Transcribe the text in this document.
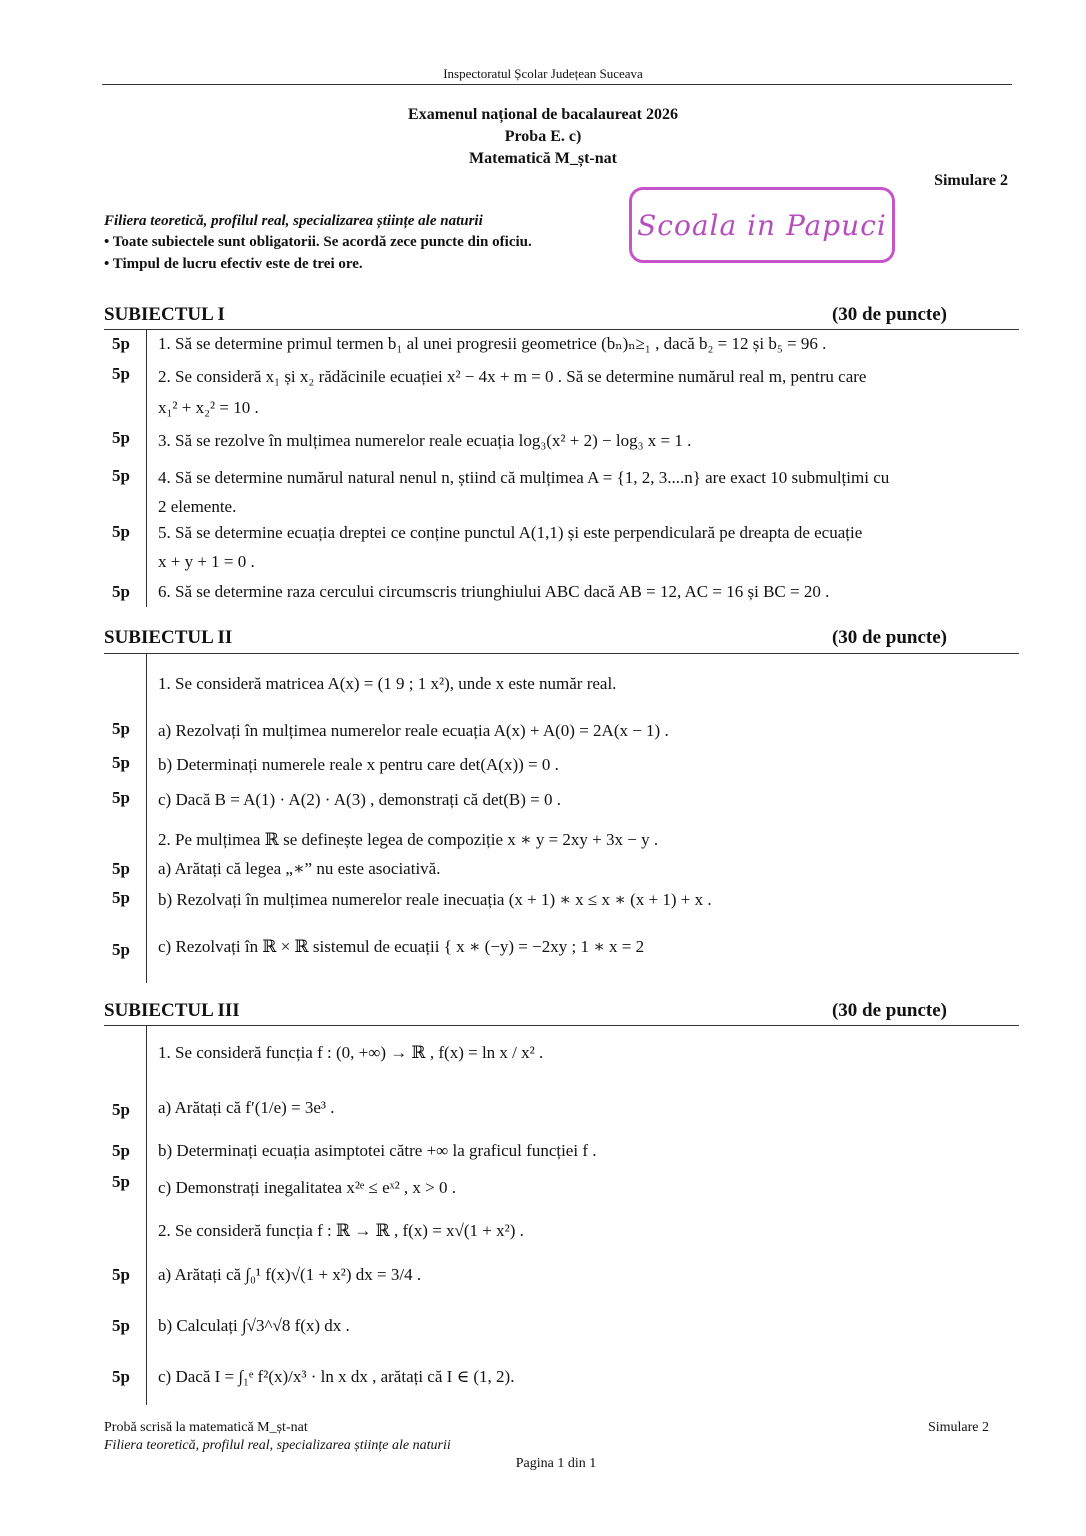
Inspectoratul Școlar Județean Suceava
Examenul național de bacalaureat 2026
Proba E. c)
Matematică M_șt-nat
Simulare 2
Filiera teoretică, profilul real, specializarea științe ale naturii
• Toate subiectele sunt obligatorii. Se acordă zece puncte din oficiu.
• Timpul de lucru efectiv este de trei ore.
Scoala in Papuci
SUBIECTUL I	(30 de puncte)
5p 1. Să se determine primul termen b₁ al unei progresii geometrice (bₙ)ₙ≥₁ , dacă b₂ = 12 și b₅ = 96 .
5p 2. Se consideră x₁ și x₂ rădăcinile ecuației x² − 4x + m = 0 . Să se determine numărul real m, pentru care
x₁² + x₂² = 10 .
5p 3. Să se rezolve în mulțimea numerelor reale ecuația log₃(x² + 2) − log₃ x = 1 .
5p 4. Să se determine numărul natural nenul n, știind că mulțimea A = {1, 2, 3....n} are exact 10 submulțimi cu
2 elemente.
5p 5. Să se determine ecuația dreptei ce conține punctul A(1,1) și este perpendiculară pe dreapta de ecuație
x + y + 1 = 0 .
5p 6. Să se determine raza cercului circumscris triunghiului ABC dacă AB = 12, AC = 16 și BC = 20 .
SUBIECTUL II	(30 de puncte)
1. Se consideră matricea A(x) = (1 9 ; 1 x²), unde x este număr real.
5p a) Rezolvați în mulțimea numerelor reale ecuația A(x) + A(0) = 2A(x − 1) .
5p b) Determinați numerele reale x pentru care det(A(x)) = 0 .
5p c) Dacă B = A(1) · A(2) · A(3) , demonstrați că det(B) = 0 .
2. Pe mulțimea ℝ se definește legea de compoziție x ∗ y = 2xy + 3x − y .
5p a) Arătați că legea „∗” nu este asociativă.
5p b) Rezolvați în mulțimea numerelor reale inecuația (x + 1) ∗ x ≤ x ∗ (x + 1) + x .
5p c) Rezolvați în ℝ × ℝ sistemul de ecuații { x ∗ (−y) = −2xy ; 1 ∗ x = 2
SUBIECTUL III	(30 de puncte)
1. Se consideră funcția f : (0, +∞) → ℝ , f(x) = ln x / x² .
5p a) Arătați că f′(1/e) = 3e³ .
5p b) Determinați ecuația asimptotei către +∞ la graficul funcției f .
5p c) Demonstrați inegalitatea x²ᵉ ≤ eˣ² , x > 0 .
2. Se consideră funcția f : ℝ → ℝ , f(x) = x√(1 + x²) .
5p a) Arătați că ∫₀¹ f(x)√(1 + x²) dx = 3/4 .
5p b) Calculați ∫√3^√8 f(x) dx .
5p c) Dacă I = ∫₁ᵉ f²(x)/x³ · ln x dx , arătați că I ∈ (1, 2).
Probă scrisă la matematică M_șt-nat
Filiera teoretică, profilul real, specializarea științe ale naturii
Simulare 2
Pagina 1 din 1
